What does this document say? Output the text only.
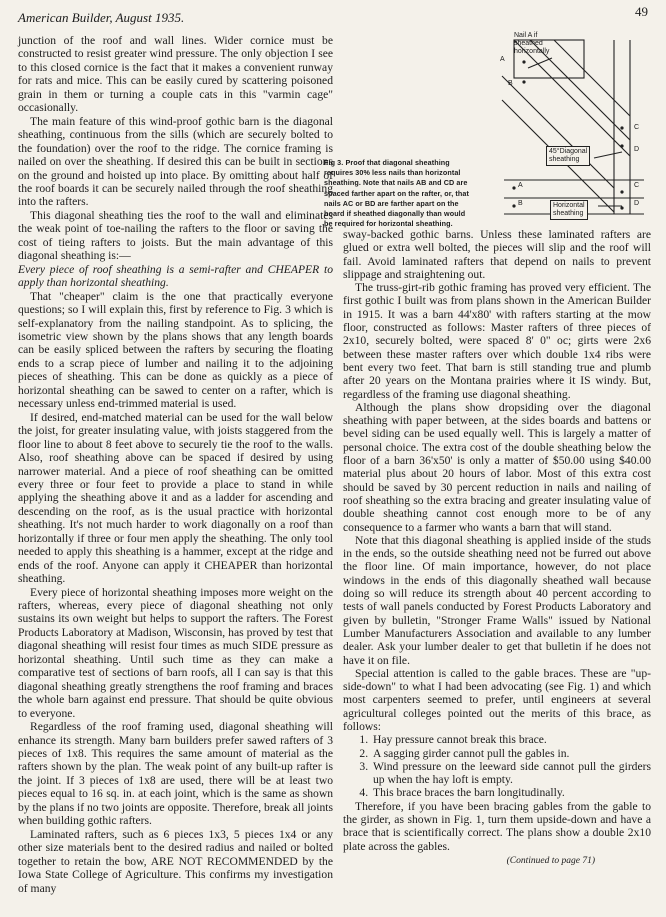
American Builder, August 1935.	49

junction of the roof and wall lines. Wider cornice must be constructed to resist greater wind pressure. The only objection I see to this closed cornice is the fact that it makes a convenient runway for rats and mice. This can be easily cured by scattering poisoned grain in them or turning a couple cats in this "varmin cage" occasionally.

The main feature of this wind-proof gothic barn is the diagonal sheathing, continuous from the sills (which are securely bolted to the foundation) over the roof to the ridge. The cornice framing is nailed on over the sheathing. If desired this can be built in sections on the ground and hoisted up into place. By omitting about half of the roof boards it can be securely nailed through the roof sheathing into the rafters.

This diagonal sheathing ties the roof to the wall and eliminates the weak point of toe-nailing the rafters to the floor or saving the cost of tieing rafters to joists. But the main advantage of this diagonal sheathing is:—

Every piece of roof sheathing is a semi-rafter and CHEAPER to apply than horizontal sheathing.

That "cheaper" claim is the one that practically everyone questions; so I will explain this, first by reference to Fig. 3 which is self-explanatory from the nailing standpoint. As to splicing, the isometric view shown by the plans shows that any length boards can be easily spliced between the rafters by securing the floating ends to a scrap piece of lumber and nailing it to the adjoining pieces of sheathing. This can be done as quickly as a piece of horizontal sheathing can be sawed to center on a rafter, which is necessary unless end-trimmed material is used.

If desired, end-matched material can be used for the wall below the joist, for greater insulating value, with joists staggered from the floor line to about 8 feet above to securely tie the roof to the walls. Also, roof sheathing above can be spaced if desired by using narrower material. And a piece of roof sheathing can be omitted every three or four feet to provide a place to stand in while applying the sheathing above it and as a ladder for ascending and descending on the roof, as is the usual practice with horizontal sheathing. It's not much harder to work diagonally on a roof than horizontally if three or four men apply the sheathing. The only tool needed to apply this sheathing is a hammer, except at the ridge and ends of the roof. Anyone can apply it CHEAPER than horizontal sheathing.

Every piece of horizontal sheathing imposes more weight on the rafters, whereas, every piece of diagonal sheathing not only sustains its own weight but helps to support the rafters. The Forest Products Laboratory at Madison, Wisconsin, has proved by test that diagonal sheathing will resist four times as much SIDE pressure as horizontal sheathing. Until such time as they can make a comparative test of sections of barn roofs, all I can say is that this diagonal sheathing greatly strengthens the roof framing and braces the whole barn against end pressure. That should be quite obvious to everyone.

Regardless of the roof framing used, diagonal sheathing will enhance its strength. Many barn builders prefer sawed rafters of 3 pieces of 1x8. This requires the same amount of material as the rafters shown by the plan. The weak point of any built-up rafter is the joint. If 3 pieces of 1x8 are used, there will be at least two pieces equal to 16 sq. in. at each joint, which is the same as shown by the plans if no two joints are opposite. Therefore, break all joints when building gothic rafters.

Laminated rafters, such as 6 pieces 1x3, 5 pieces 1x4 or any other size materials bent to the desired radius and nailed or bolted together to retain the bow, ARE NOT RECOMMENDED by the Iowa State College of Agriculture. This confirms my investigation of many

Fig 3. Proof that diagonal sheathing requires 30% less nails than horizontal sheathing. Note that nails AB and CD are spaced farther apart on the rafter, or, that nails AC or BD are farther apart on the board if sheathed diagonally than would be required for horizontal sheathing.
Nail A if
sheathed
horizontally
A
B
C
D
45°Diagonal
sheathing
A
B
C
D
Horizontal
sheathing

sway-backed gothic barns. Unless these laminated rafters are glued or extra well bolted, the pieces will slip and the roof will fail. Avoid laminated rafters that depend on nails to prevent slippage and straightening out.

The truss-girt-rib gothic framing has proved very efficient. The first gothic I built was from plans shown in the American Builder in 1915. It was a barn 44'x80' with rafters starting at the mow floor, constructed as follows: Master rafters of three pieces of 2x10, securely bolted, were spaced 8' 0" oc; girts were 2x6 between these master rafters over which double 1x4 ribs were bent every two feet. That barn is still standing true and plumb after 20 years on the Montana prairies where it IS windy. But, regardless of the framing use diagonal sheathing.

Although the plans show dropsiding over the diagonal sheathing with paper between, at the sides boards and battens or bevel siding can be used equally well. This is largely a matter of personal choice. The extra cost of the double sheathing below the floor of a barn 36'x50' is only a matter of $50.00 using $40.00 material plus about 20 hours of labor. Most of this extra cost should be saved by 30 percent reduction in nails and nailing of roof sheathing so the extra bracing and greater insulating value of double sheathing cannot cost enough more to be of any consequence to a farmer who wants a barn that will stand.

Note that this diagonal sheathing is applied inside of the studs in the ends, so the outside sheathing need not be furred out above the floor line. Of main importance, however, do not place windows in the ends of this diagonally sheathed wall because doing so will reduce its strength about 40 percent according to tests of wall panels conducted by Forest Products Laboratory and given by bulletin, "Stronger Frame Walls" issued by National Lumber Manufacturers Association and available to any lumber dealer. Ask your lumber dealer to get that bulletin if he does not have it on file.

Special attention is called to the gable braces. These are "up-side-down" to what I had been advocating (see Fig. 1) and which most carpenters seemed to prefer, until engineers at several agricultural colleges pointed out the merits of this brace, as follows:

1. Hay pressure cannot break this brace.
2. A sagging girder cannot pull the gables in.
3. Wind pressure on the leeward side cannot pull the girders up when the hay loft is empty.
4. This brace braces the barn longitudinally.

Therefore, if you have been bracing gables from the gable to the girder, as shown in Fig. 1, turn them upside-down and have a brace that is scientifically correct. The plans show a double 2x10 plate across the gables.

(Continued to page 71)
